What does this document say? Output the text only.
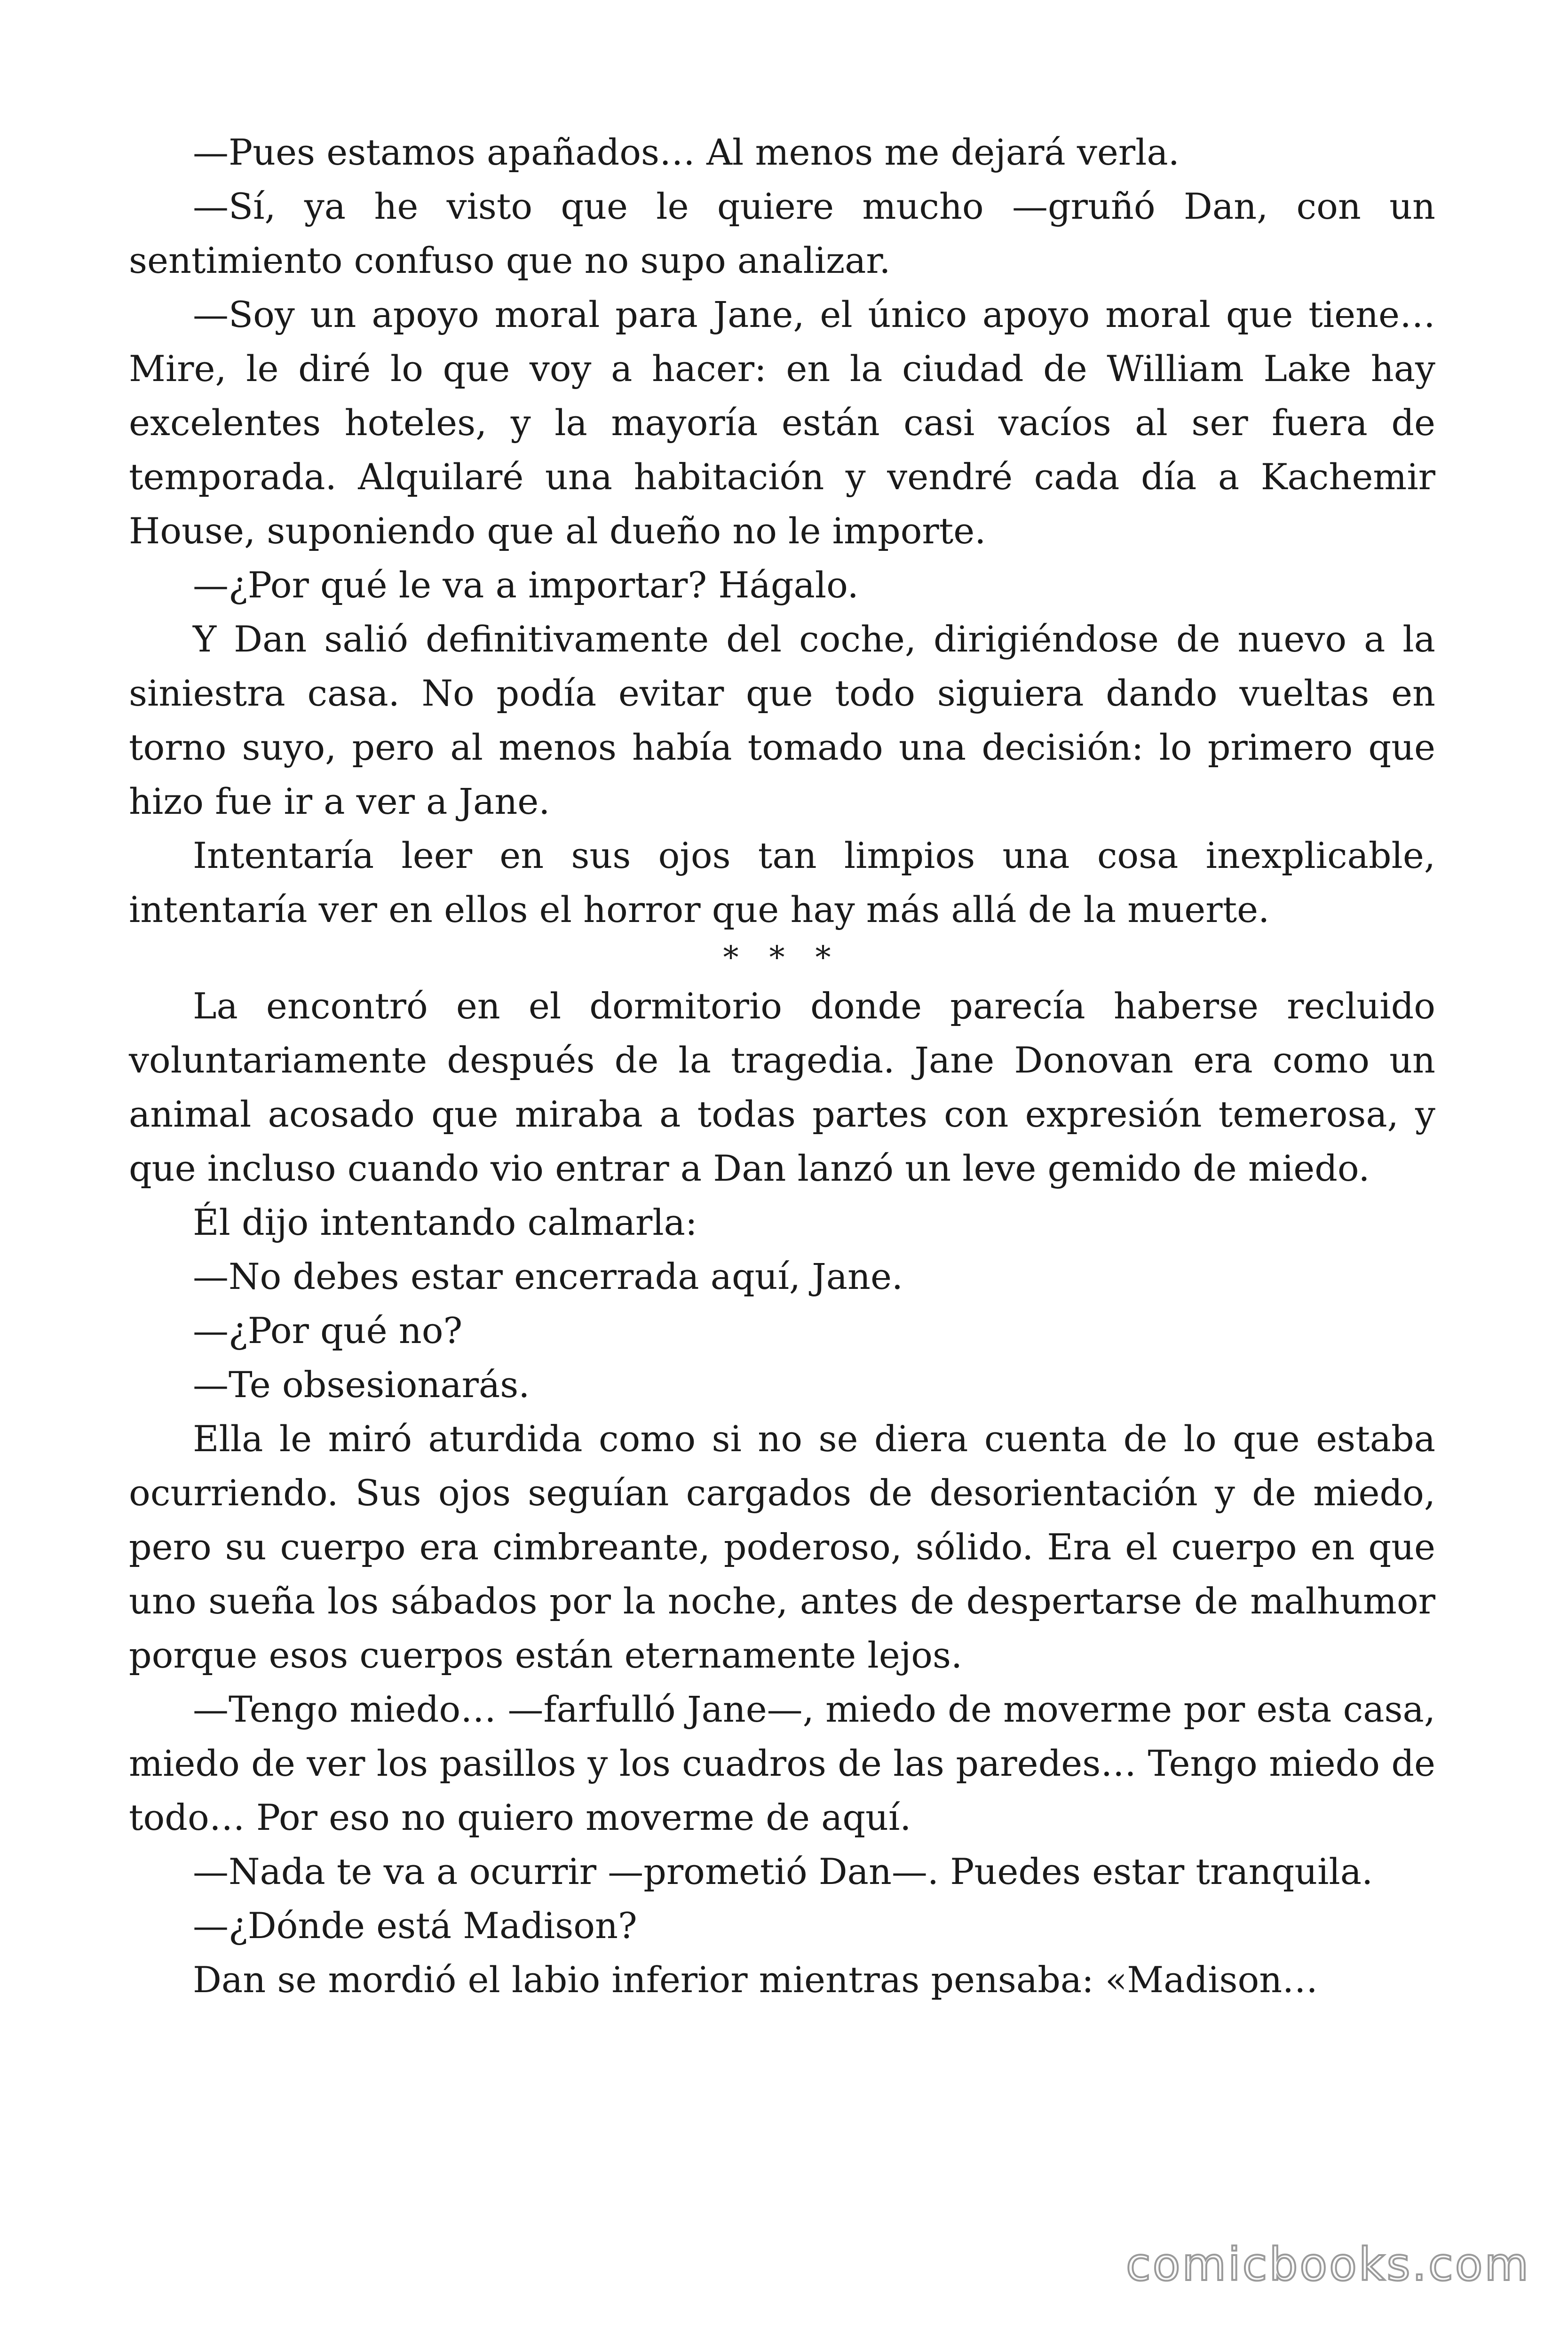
—Pues estamos apañados… Al menos me dejará verla.

—Sí, ya he visto que le quiere mucho —gruñó Dan, con un sentimiento confuso que no supo analizar.

—Soy un apoyo moral para Jane, el único apoyo moral que tiene… Mire, le diré lo que voy a hacer: en la ciudad de William Lake hay excelentes hoteles, y la mayoría están casi vacíos al ser fuera de temporada. Alquilaré una habitación y vendré cada día a Kachemir House, suponiendo que al dueño no le importe.

—¿Por qué le va a importar? Hágalo.

Y Dan salió definitivamente del coche, dirigiéndose de nuevo a la siniestra casa. No podía evitar que todo siguiera dando vueltas en torno suyo, pero al menos había tomado una decisión: lo primero que hizo fue ir a ver a Jane.

Intentaría leer en sus ojos tan limpios una cosa inexplicable, intentaría ver en ellos el horror que hay más allá de la muerte.

* * *

La encontró en el dormitorio donde parecía haberse recluido voluntariamente después de la tragedia. Jane Donovan era como un animal acosado que miraba a todas partes con expresión temerosa, y que incluso cuando vio entrar a Dan lanzó un leve gemido de miedo.

Él dijo intentando calmarla:

—No debes estar encerrada aquí, Jane.

—¿Por qué no?

—Te obsesionarás.

Ella le miró aturdida como si no se diera cuenta de lo que estaba ocurriendo. Sus ojos seguían cargados de desorientación y de miedo, pero su cuerpo era cimbreante, poderoso, sólido. Era el cuerpo en que uno sueña los sábados por la noche, antes de despertarse de malhumor porque esos cuerpos están eternamente lejos.

—Tengo miedo… —farfulló Jane—, miedo de moverme por esta casa, miedo de ver los pasillos y los cuadros de las paredes… Tengo miedo de todo… Por eso no quiero moverme de aquí.

—Nada te va a ocurrir —prometió Dan—. Puedes estar tranquila.

—¿Dónde está Madison?

Dan se mordió el labio inferior mientras pensaba: «Madison…

comicbooks.com
